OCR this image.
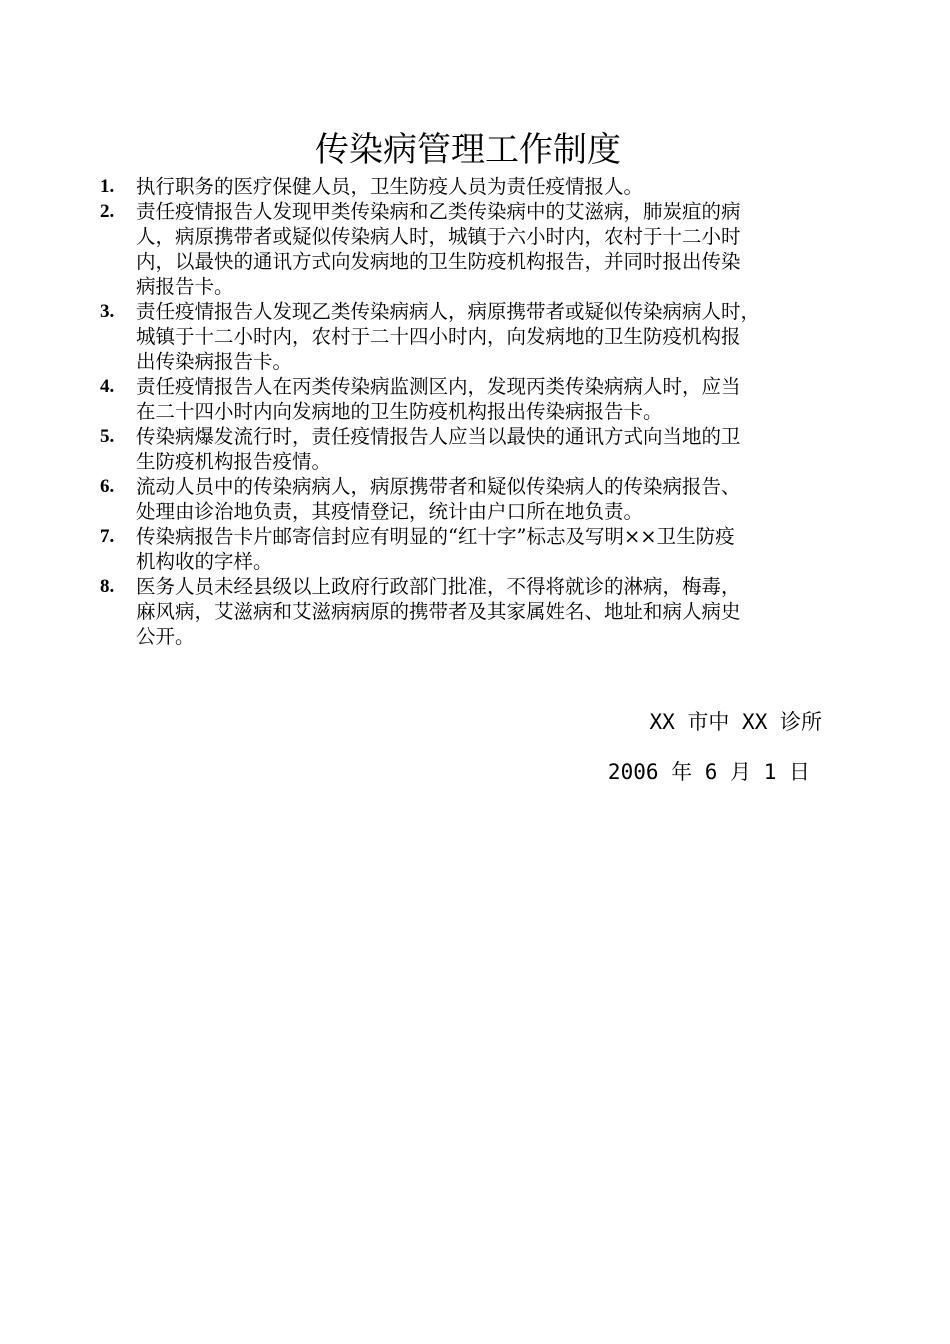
传染病管理工作制度
1.	执行职务的医疗保健人员，卫生防疫人员为责任疫情报人。
2.	责任疫情报告人发现甲类传染病和乙类传染病中的艾滋病，肺炭疽的病
人，病原携带者或疑似传染病人时，城镇于六小时内，农村于十二小时
内，以最快的通讯方式向发病地的卫生防疫机构报告，并同时报出传染
病报告卡。
3.	责任疫情报告人发现乙类传染病病人，病原携带者或疑似传染病病人时，
城镇于十二小时内，农村于二十四小时内，向发病地的卫生防疫机构报
出传染病报告卡。
4.	责任疫情报告人在丙类传染病监测区内，发现丙类传染病病人时，应当
在二十四小时内向发病地的卫生防疫机构报出传染病报告卡。
5.	传染病爆发流行时，责任疫情报告人应当以最快的通讯方式向当地的卫
生防疫机构报告疫情。
6.	流动人员中的传染病病人，病原携带者和疑似传染病人的传染病报告、
处理由诊治地负责，其疫情登记，统计由户口所在地负责。
7.	传染病报告卡片邮寄信封应有明显的“红十字”标志及写明××卫生防疫
机构收的字样。
8.	医务人员未经县级以上政府行政部门批准，不得将就诊的淋病，梅毒，
麻风病，艾滋病和艾滋病病原的携带者及其家属姓名、地址和病人病史
公开。
XX 市中 XX 诊所
2006 年 6 月 1 日
